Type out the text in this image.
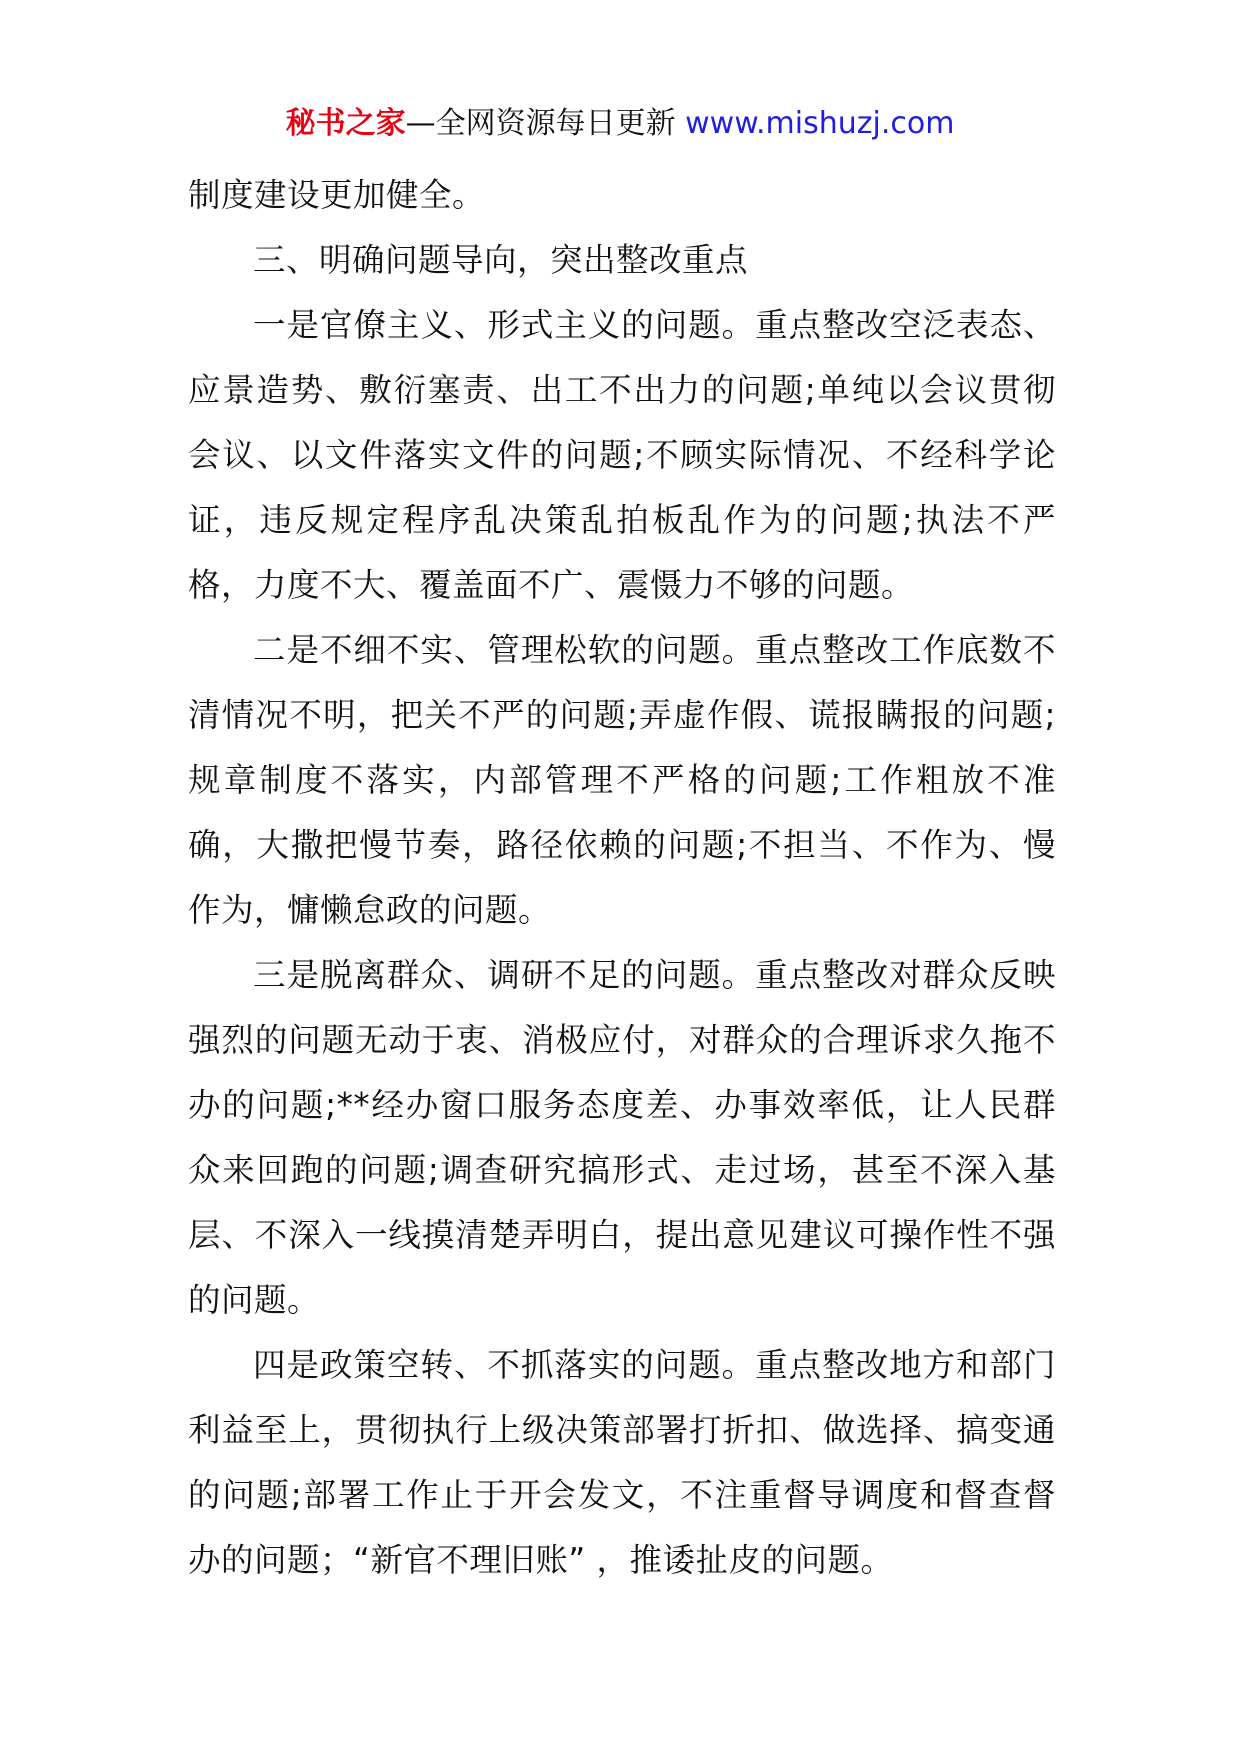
秘书之家—全网资源每日更新 www.mishuzj.com

制度建设更加健全。

三、明确问题导向，突出整改重点

一是官僚主义、形式主义的问题。重点整改空泛表态、应景造势、敷衍塞责、出工不出力的问题;单纯以会议贯彻会议、以文件落实文件的问题;不顾实际情况、不经科学论证，违反规定程序乱决策乱拍板乱作为的问题;执法不严格，力度不大、覆盖面不广、震慑力不够的问题。

二是不细不实、管理松软的问题。重点整改工作底数不清情况不明，把关不严的问题;弄虚作假、谎报瞒报的问题;规章制度不落实，内部管理不严格的问题;工作粗放不准确，大撒把慢节奏，路径依赖的问题;不担当、不作为、慢作为，慵懒怠政的问题。

三是脱离群众、调研不足的问题。重点整改对群众反映强烈的问题无动于衷、消极应付，对群众的合理诉求久拖不办的问题;**经办窗口服务态度差、办事效率低，让人民群众来回跑的问题;调查研究搞形式、走过场，甚至不深入基层、不深入一线摸清楚弄明白，提出意见建议可操作性不强的问题。

四是政策空转、不抓落实的问题。重点整改地方和部门利益至上，贯彻执行上级决策部署打折扣、做选择、搞变通的问题;部署工作止于开会发文，不注重督导调度和督查督办的问题；“新官不理旧账” ，推诿扯皮的问题。
